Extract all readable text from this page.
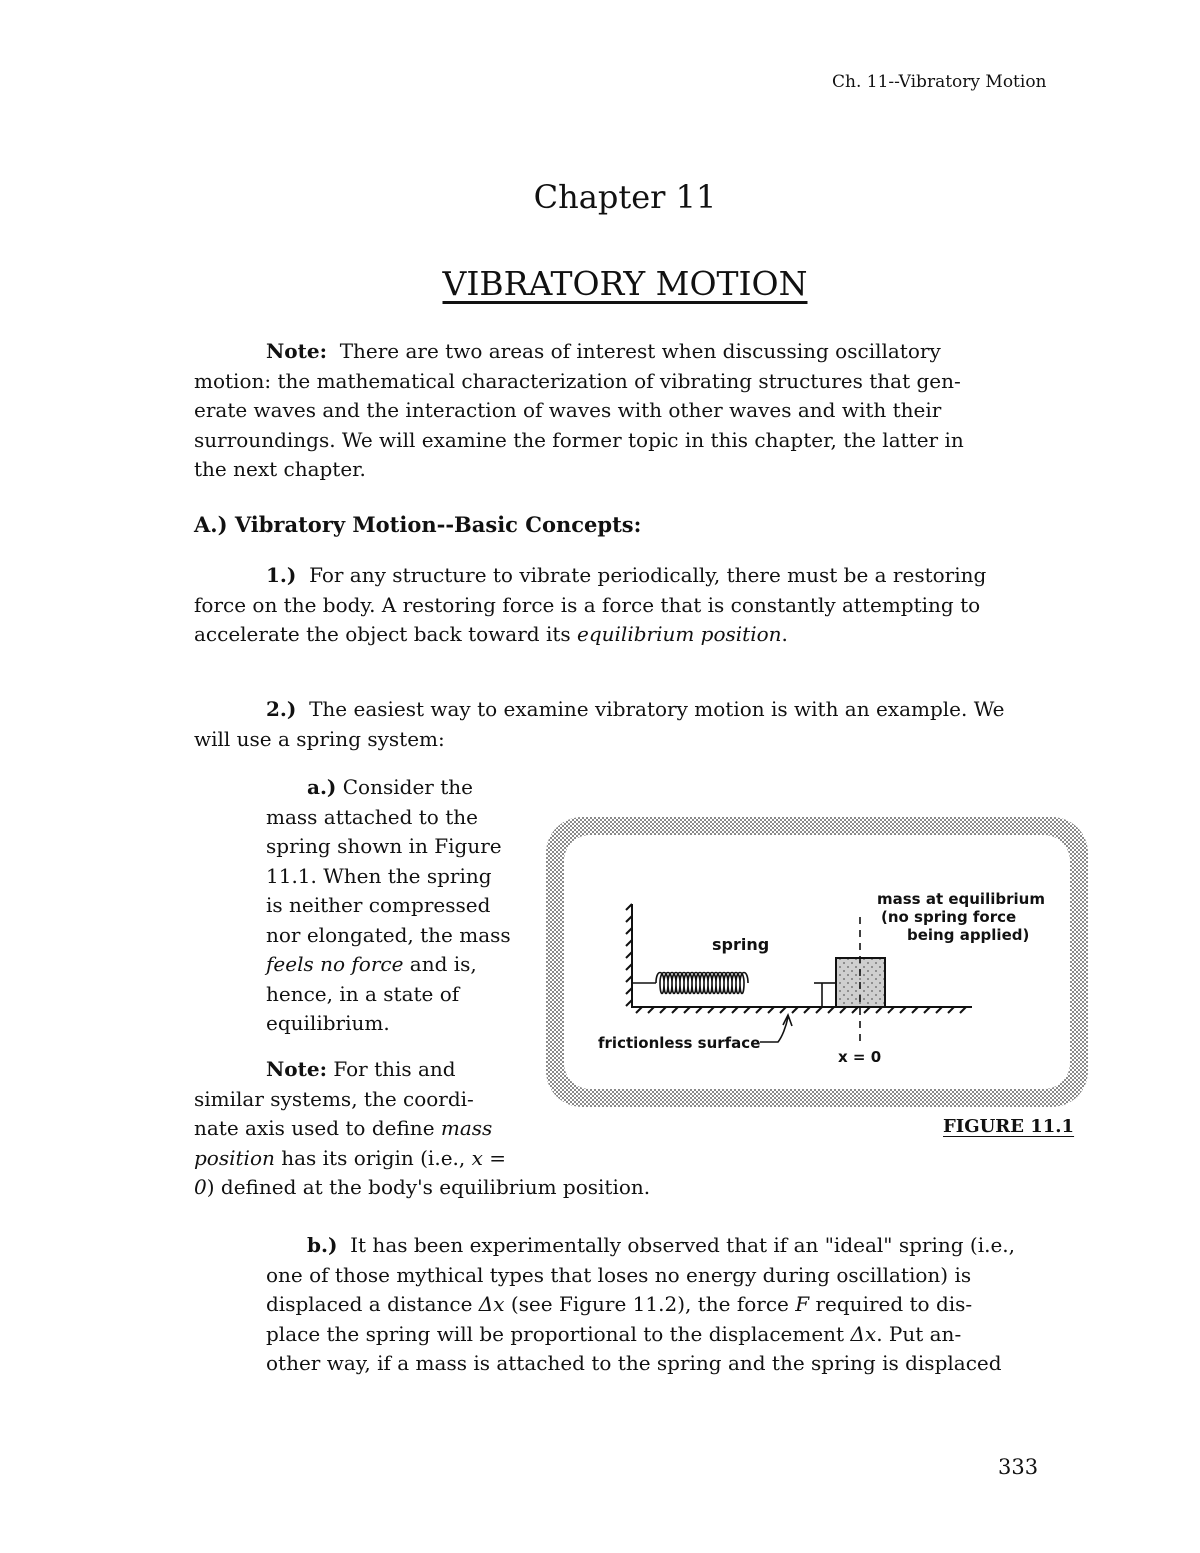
Ch. 11--Vibratory Motion
Chapter 11
VIBRATORY MOTION
Note: There are two areas of interest when discussing oscillatory
motion: the mathematical characterization of vibrating structures that gen-
erate waves and the interaction of waves with other waves and with their
surroundings. We will examine the former topic in this chapter, the latter in
the next chapter.
A.) Vibratory Motion--Basic Concepts:
1.) For any structure to vibrate periodically, there must be a restoring
force on the body. A restoring force is a force that is constantly attempting to
accelerate the object back toward its equilibrium position.
2.) The easiest way to examine vibratory motion is with an example. We
will use a spring system:
a.) Consider the
mass attached to the
spring shown in Figure
11.1. When the spring
is neither compressed
nor elongated, the mass
feels no force and is,
hence, in a state of
equilibrium.
Note: For this and
similar systems, the coordi-
nate axis used to define mass
position has its origin (i.e., x =
0) defined at the body's equilibrium position.
b.) It has been experimentally observed that if an "ideal" spring (i.e.,
one of those mythical types that loses no energy during oscillation) is
displaced a distance Δx (see Figure 11.2), the force F required to dis-
place the spring will be proportional to the displacement Δx. Put an-
other way, if a mass is attached to the spring and the spring is displaced
spring
frictionless surface
x = 0
mass at equilibrium
(no spring force
being applied)
FIGURE 11.1
333
